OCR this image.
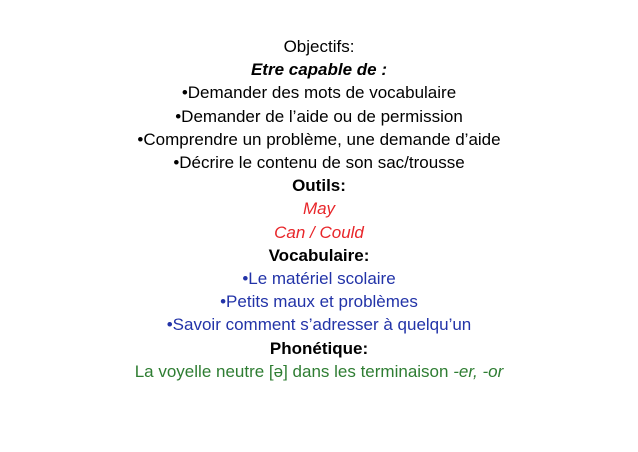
Objectifs:
Etre capable de :
•Demander des mots de vocabulaire
•Demander de l’aide ou de permission
•Comprendre un problème, une demande d’aide
•Décrire le contenu de son sac/trousse
Outils:
May
Can / Could
Vocabulaire:
•Le matériel scolaire
•Petits maux et problèmes
•Savoir comment s’adresser à quelqu’un
Phonétique:
La voyelle neutre [ə] dans les terminaison -er, -or
